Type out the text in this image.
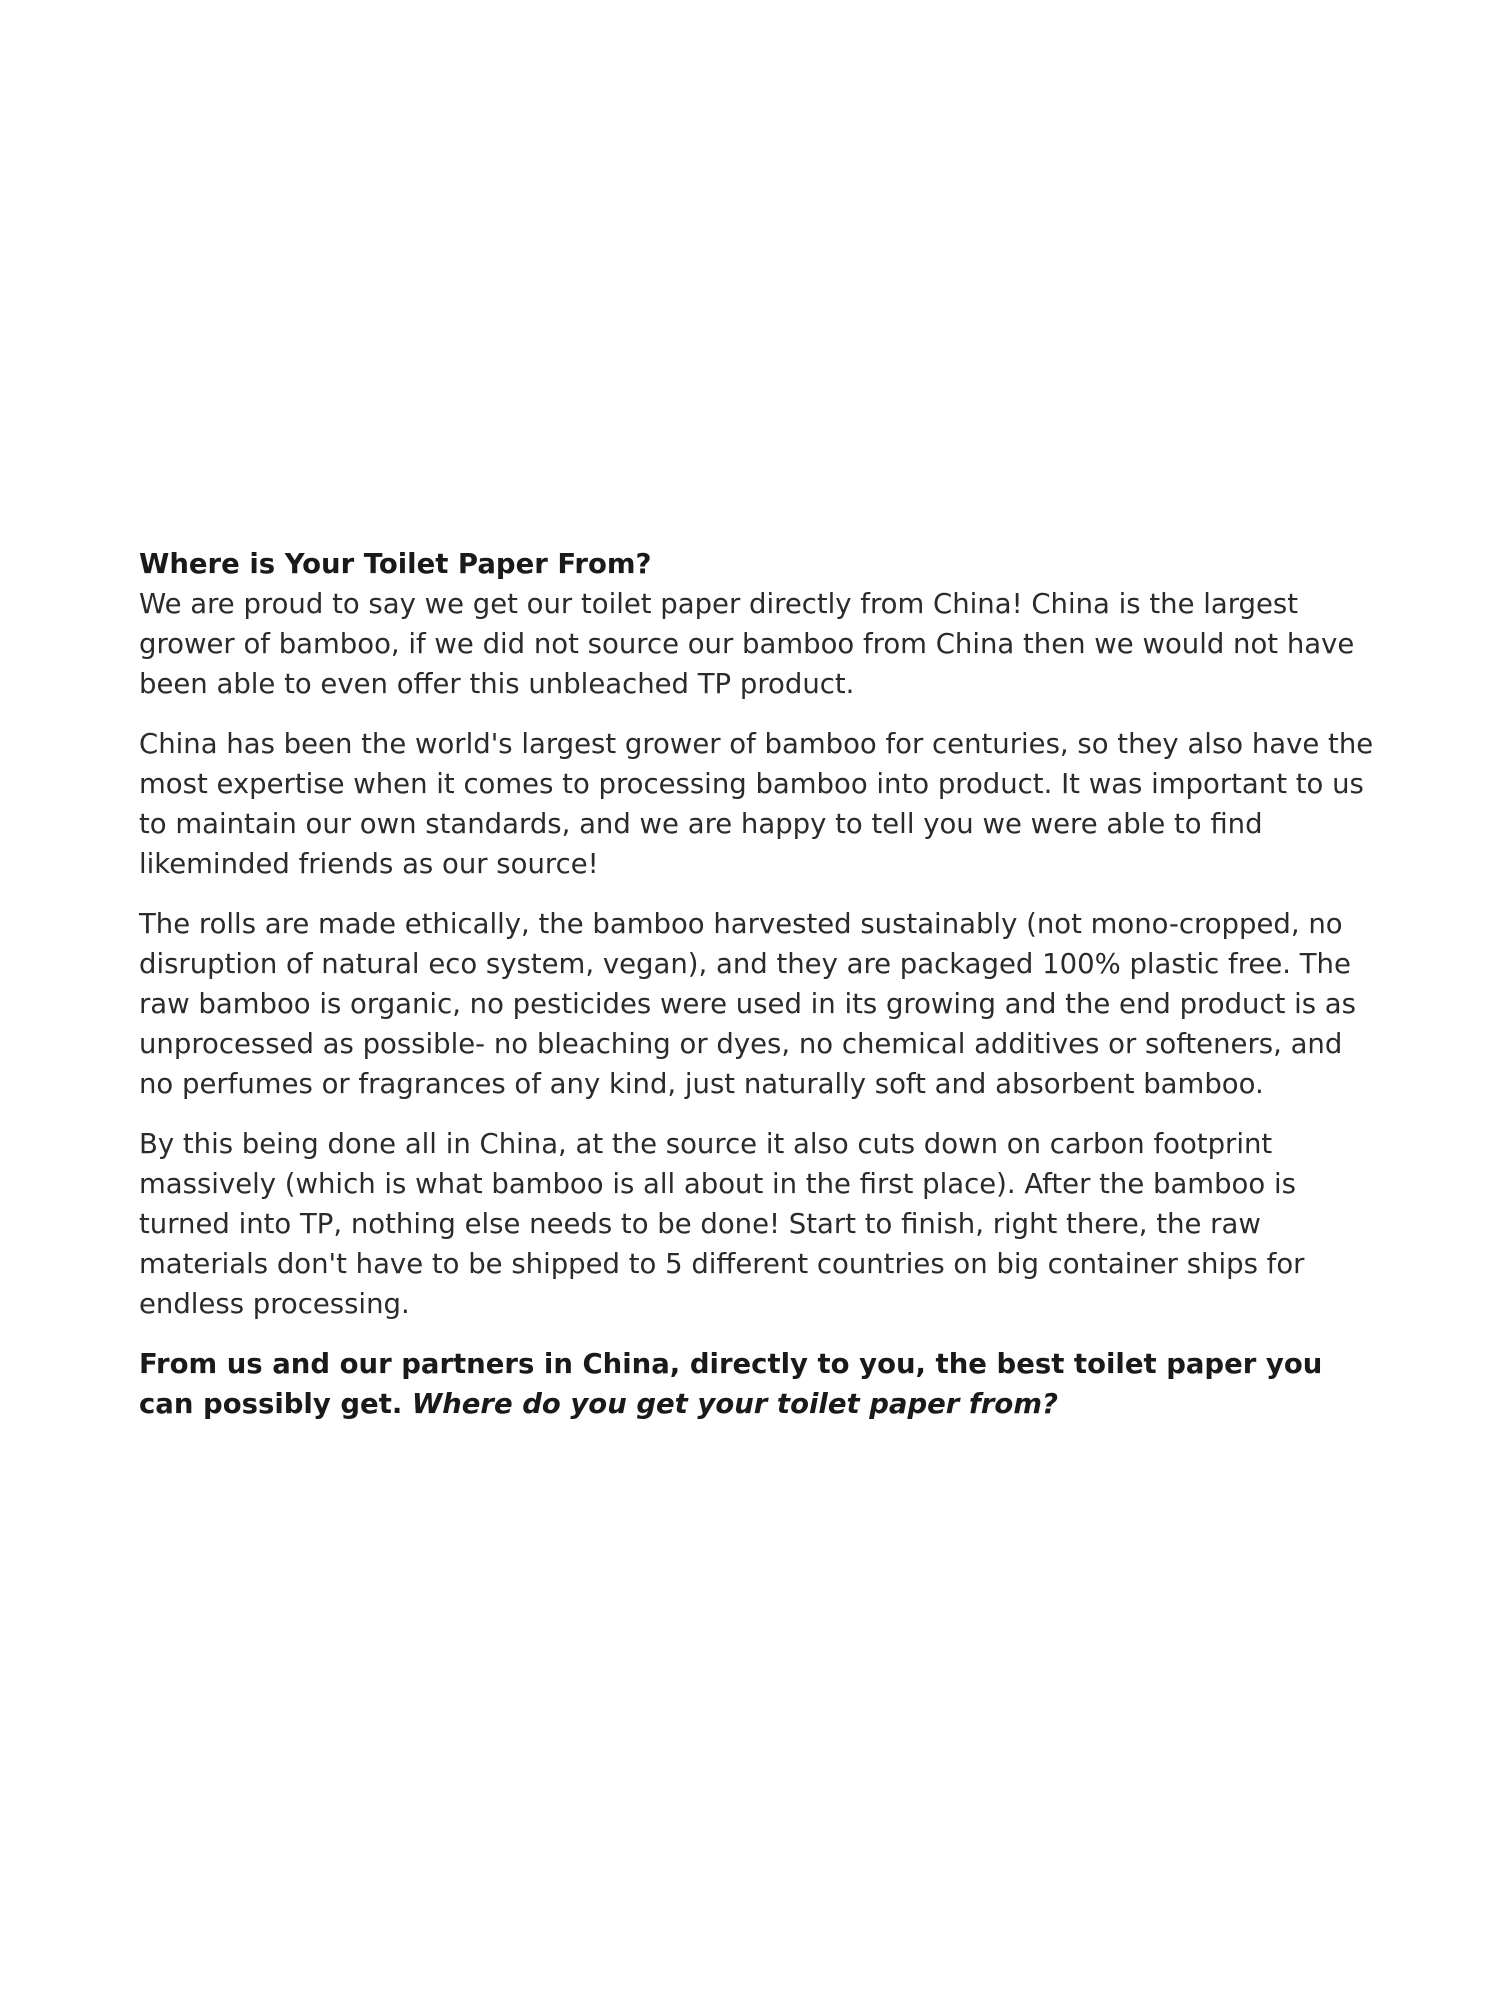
Where is Your Toilet Paper From?

We are proud to say we get our toilet paper directly from China! China is the largest grower of bamboo, if we did not source our bamboo from China then we would not have been able to even offer this unbleached TP product.

China has been the world's largest grower of bamboo for centuries, so they also have the most expertise when it comes to processing bamboo into product. It was important to us to maintain our own standards, and we are happy to tell you we were able to find likeminded friends as our source!

The rolls are made ethically, the bamboo harvested sustainably (not mono-cropped, no disruption of natural eco system, vegan), and they are packaged 100% plastic free. The raw bamboo is organic, no pesticides were used in its growing and the end product is as unprocessed as possible- no bleaching or dyes, no chemical additives or softeners, and no perfumes or fragrances of any kind, just naturally soft and absorbent bamboo.

By this being done all in China, at the source it also cuts down on carbon footprint massively (which is what bamboo is all about in the first place). After the bamboo is turned into TP, nothing else needs to be done! Start to finish, right there, the raw materials don't have to be shipped to 5 different countries on big container ships for endless processing.

From us and our partners in China, directly to you, the best toilet paper you can possibly get. Where do you get your toilet paper from?
